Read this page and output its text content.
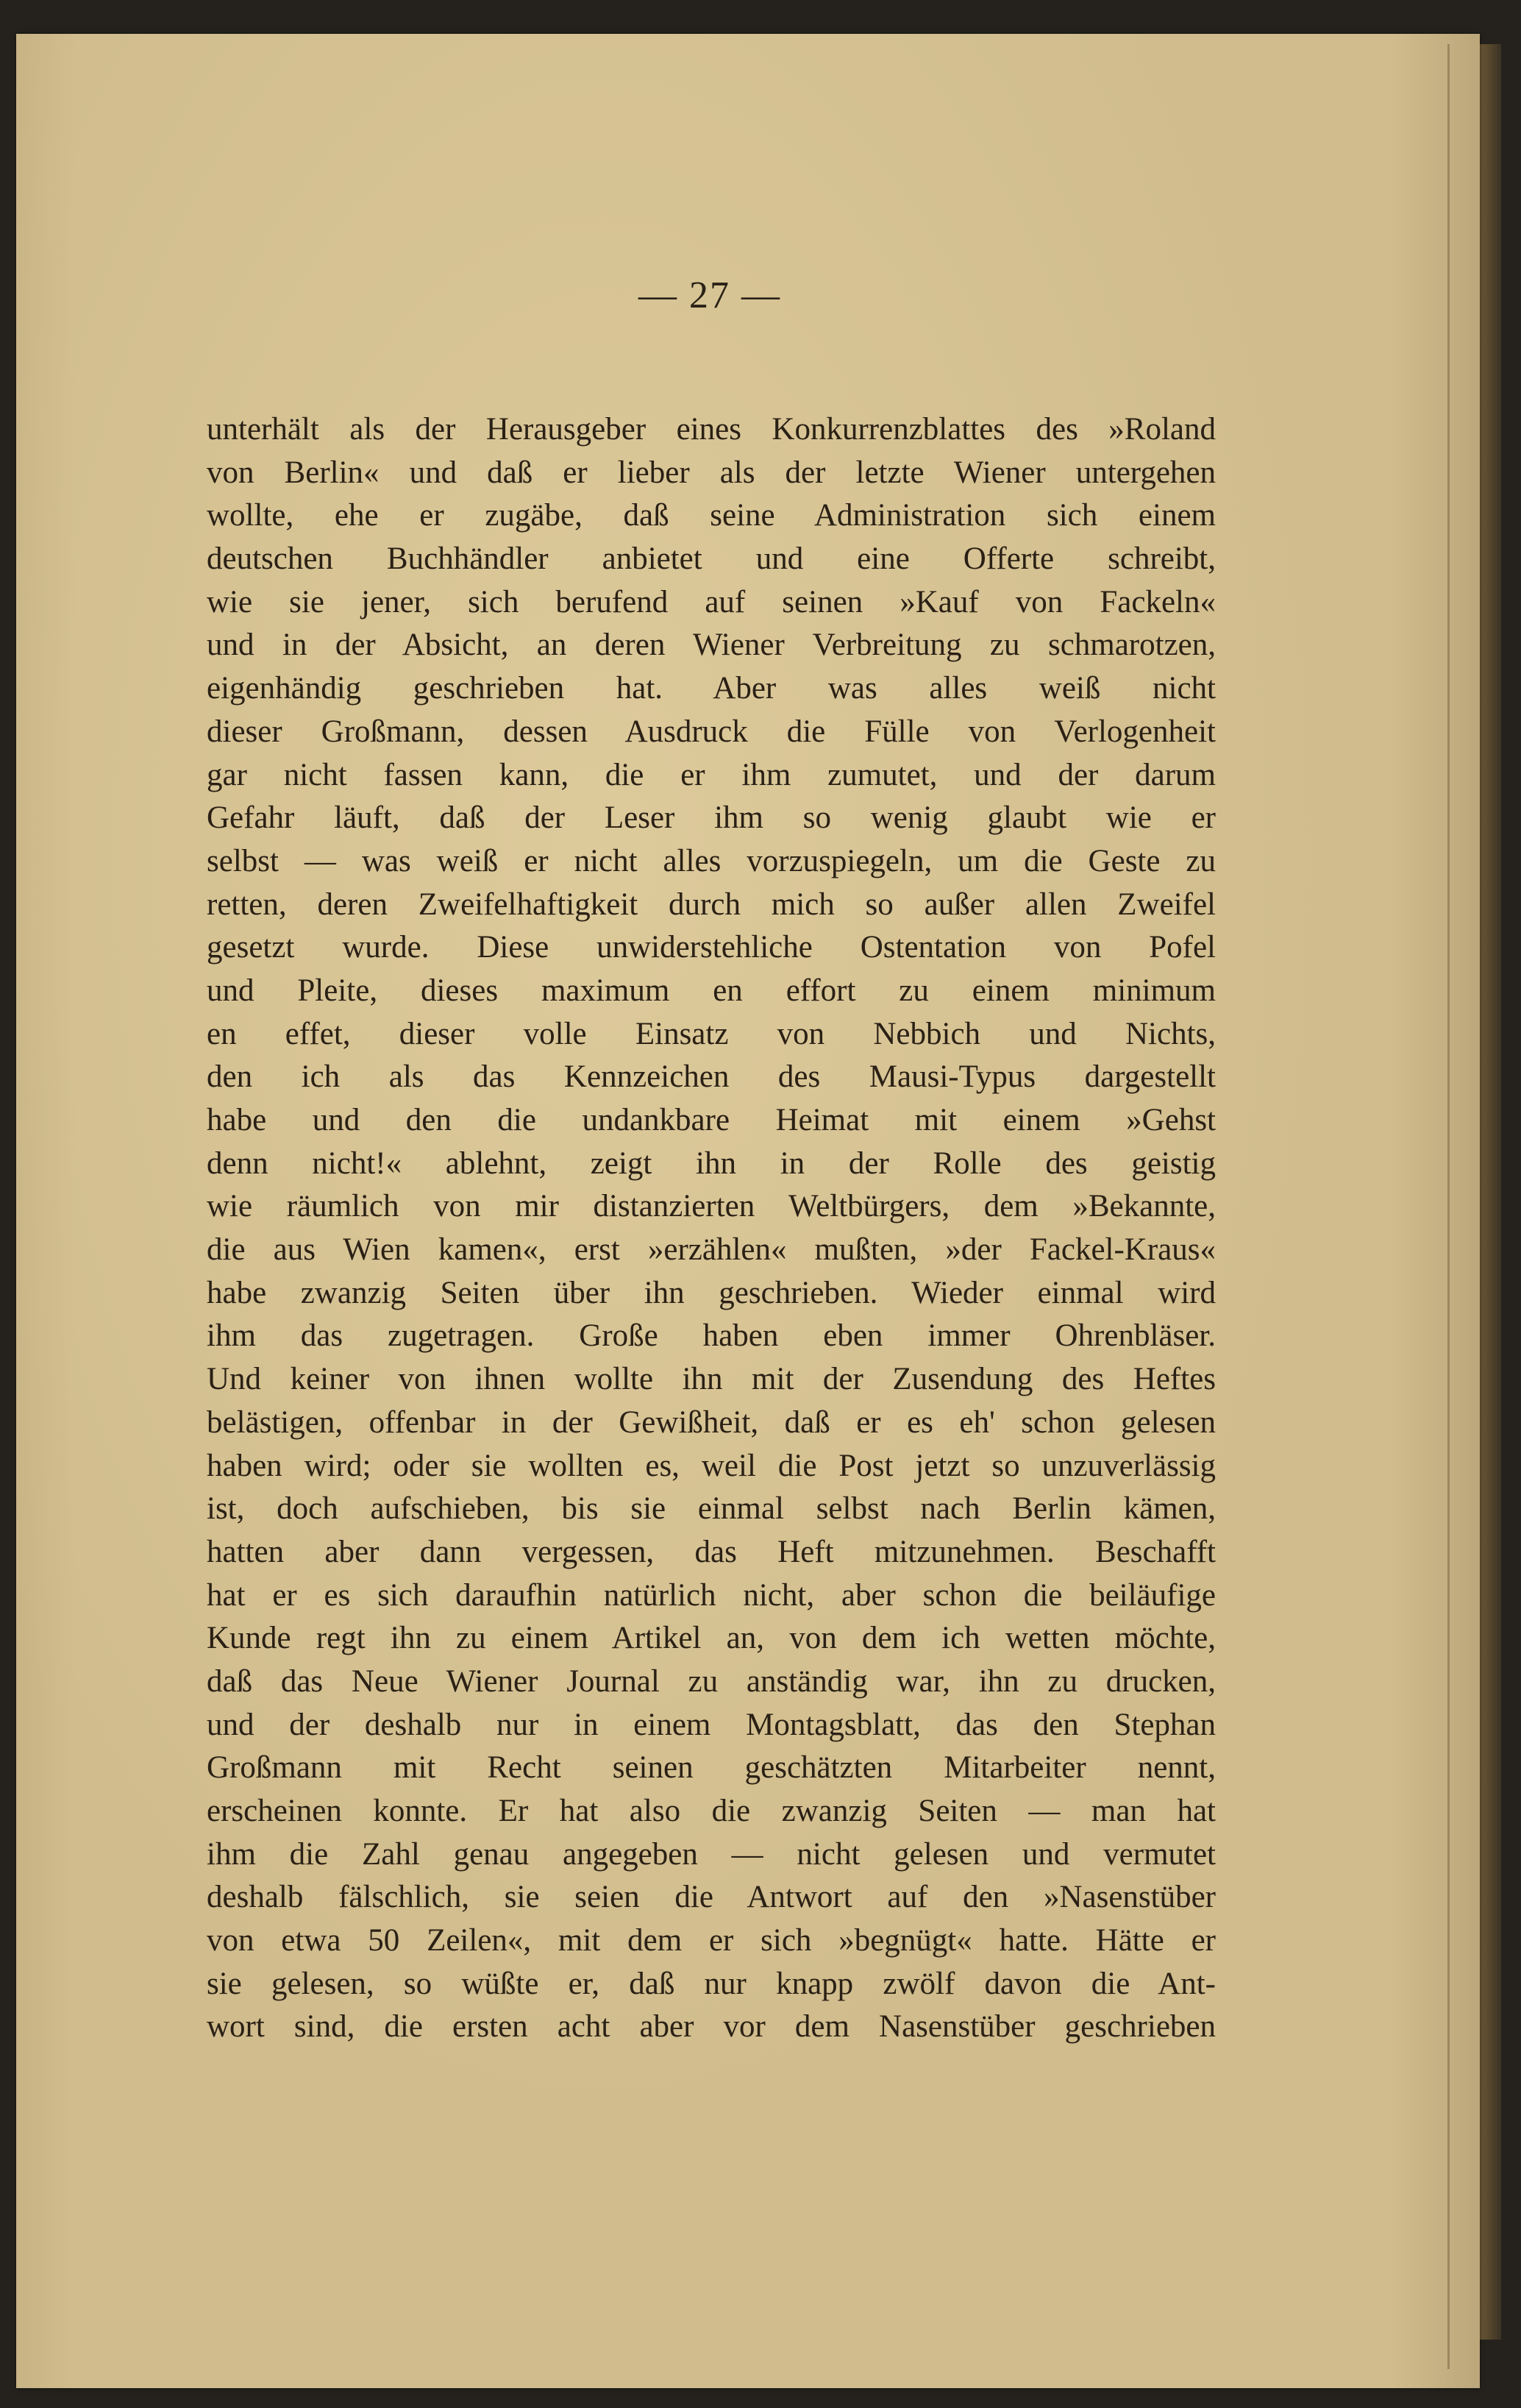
— 27 —
unterhält als der Herausgeber eines Konkurrenzblattes des »Roland
von Berlin« und daß er lieber als der letzte Wiener untergehen
wollte, ehe er zugäbe, daß seine Administration sich einem
deutschen Buchhändler anbietet und eine Offerte schreibt,
wie sie jener, sich berufend auf seinen »Kauf von Fackeln«
und in der Absicht, an deren Wiener Verbreitung zu schmarotzen,
eigenhändig geschrieben hat. Aber was alles weiß nicht
dieser Großmann, dessen Ausdruck die Fülle von Verlogenheit
gar nicht fassen kann, die er ihm zumutet, und der darum
Gefahr läuft, daß der Leser ihm so wenig glaubt wie er
selbst — was weiß er nicht alles vorzuspiegeln, um die Geste zu
retten, deren Zweifelhaftigkeit durch mich so außer allen Zweifel
gesetzt wurde. Diese unwiderstehliche Ostentation von Pofel
und Pleite, dieses maximum en effort zu einem minimum
en effet, dieser volle Einsatz von Nebbich und Nichts,
den ich als das Kennzeichen des Mausi-Typus dargestellt
habe und den die undankbare Heimat mit einem »Gehst
denn nicht!« ablehnt, zeigt ihn in der Rolle des geistig
wie räumlich von mir distanzierten Weltbürgers, dem »Bekannte,
die aus Wien kamen«, erst »erzählen« mußten, »der Fackel-Kraus«
habe zwanzig Seiten über ihn geschrieben. Wieder einmal wird
ihm das zugetragen. Große haben eben immer Ohrenbläser.
Und keiner von ihnen wollte ihn mit der Zusendung des Heftes
belästigen, offenbar in der Gewißheit, daß er es eh' schon gelesen
haben wird; oder sie wollten es, weil die Post jetzt so unzuverlässig
ist, doch aufschieben, bis sie einmal selbst nach Berlin kämen,
hatten aber dann vergessen, das Heft mitzunehmen. Beschafft
hat er es sich daraufhin natürlich nicht, aber schon die beiläufige
Kunde regt ihn zu einem Artikel an, von dem ich wetten möchte,
daß das Neue Wiener Journal zu anständig war, ihn zu drucken,
und der deshalb nur in einem Montagsblatt, das den Stephan
Großmann mit Recht seinen geschätzten Mitarbeiter nennt,
erscheinen konnte. Er hat also die zwanzig Seiten — man hat
ihm die Zahl genau angegeben — nicht gelesen und vermutet
deshalb fälschlich, sie seien die Antwort auf den »Nasenstüber
von etwa 50 Zeilen«, mit dem er sich »begnügt« hatte. Hätte er
sie gelesen, so wüßte er, daß nur knapp zwölf davon die Ant-
wort sind, die ersten acht aber vor dem Nasenstüber geschrieben
